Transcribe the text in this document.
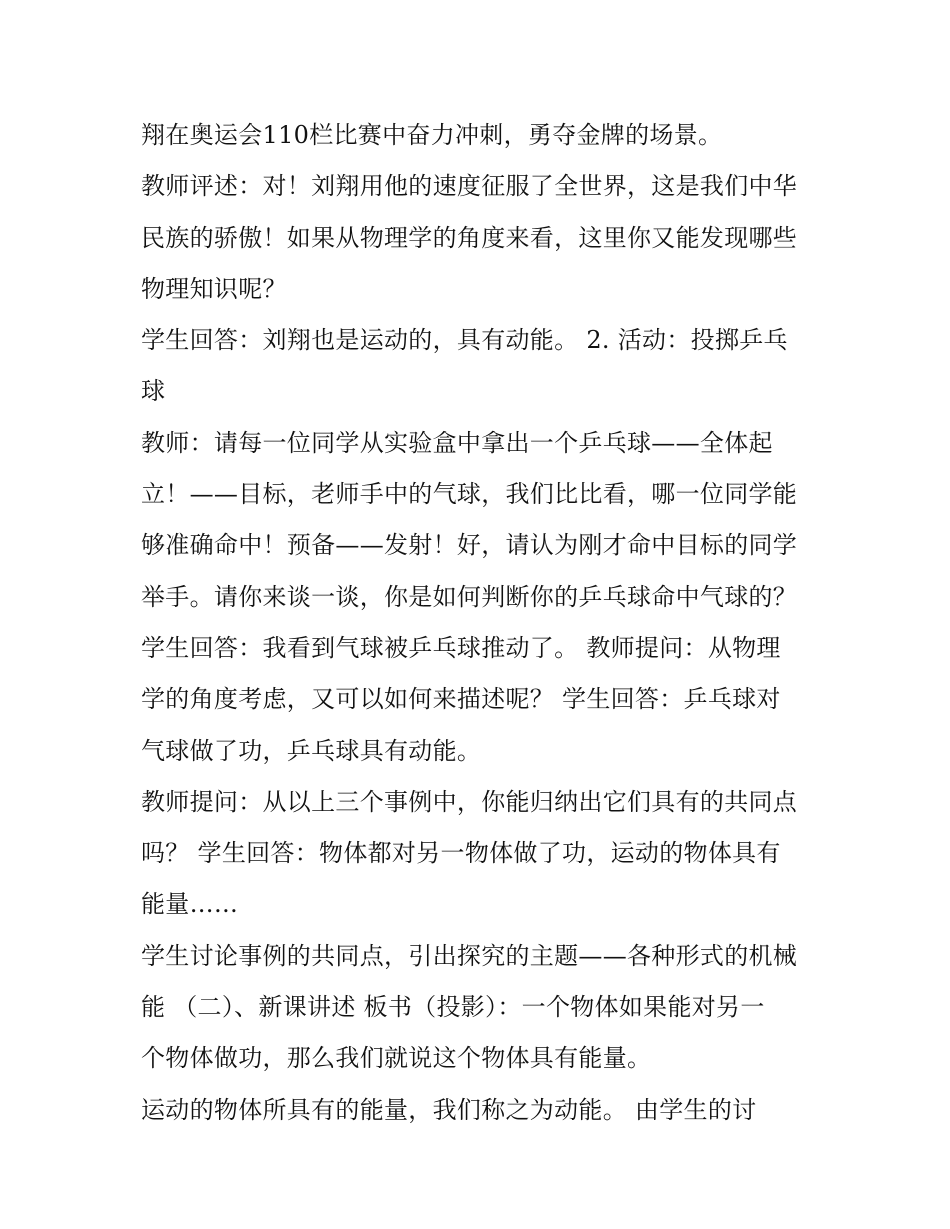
翔在奥运会110栏比赛中奋力冲刺，勇夺金牌的场景。
教师评述：对！刘翔用他的速度征服了全世界，这是我们中华
民族的骄傲！如果从物理学的角度来看，这里你又能发现哪些
物理知识呢？
学生回答：刘翔也是运动的，具有动能。 2. 活动：投掷乒乓
球
教师：请每一位同学从实验盒中拿出一个乒乓球——全体起
立！——目标，老师手中的气球，我们比比看，哪一位同学能
够准确命中！预备——发射！好，请认为刚才命中目标的同学
举手。请你来谈一谈，你是如何判断你的乒乓球命中气球的？
学生回答：我看到气球被乒乓球推动了。 教师提问：从物理
学的角度考虑，又可以如何来描述呢？ 学生回答：乒乓球对
气球做了功，乒乓球具有动能。
教师提问：从以上三个事例中，你能归纳出它们具有的共同点
吗？ 学生回答：物体都对另一物体做了功，运动的物体具有
能量……
学生讨论事例的共同点，引出探究的主题——各种形式的机械
能 （二）、新课讲述 板书（投影）：一个物体如果能对另一
个物体做功，那么我们就说这个物体具有能量。
运动的物体所具有的能量，我们称之为动能。 由学生的讨
